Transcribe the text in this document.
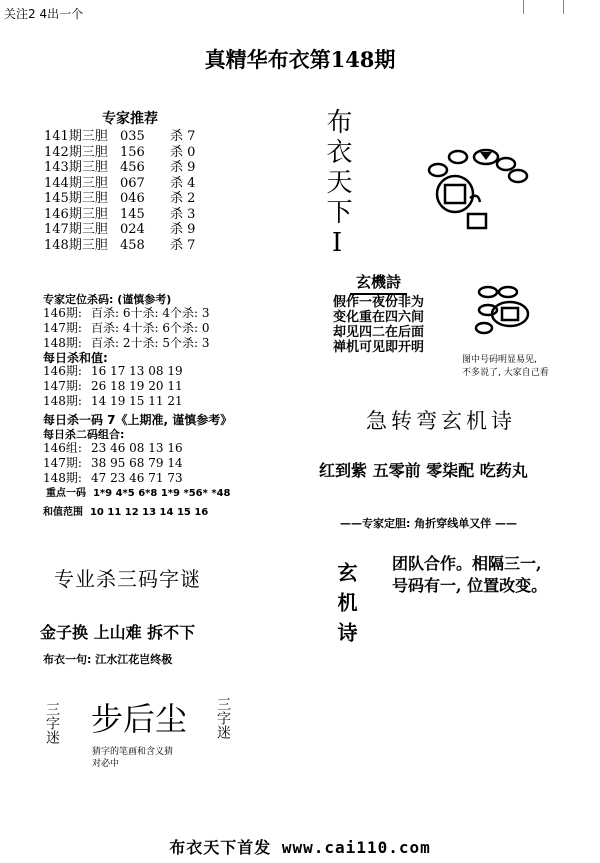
关注2 4出一个
真精华布衣第148期
专家推荐
141期三胆 035	杀 7
142期三胆 156	杀 0
143期三胆 456	杀 9
144期三胆 067	杀 4
145期三胆 046	杀 2
146期三胆 145	杀 3
147期三胆 024	杀 9
148期三胆 458	杀 7
专家定位杀码: (谨慎参考)
146期: 百杀: 6十杀: 4个杀: 3
147期: 百杀: 4十杀: 6个杀: 0
148期: 百杀: 2十杀: 5个杀: 3
每日杀和值:
146期: 16 17 13 08 19
147期: 26 18 19 20 11
148期: 14 19 15 11 21
每日杀一码 7《上期准, 谨慎参考》
每日杀二码组合:
146组: 23 46 08 13 16
147期: 38 95 68 79 14
148期: 47 23 46 71 73
重点一码 1*9 4*5 6*8 1*9 *56* *48
和值范围 10 11 12 13 14 15 16
布衣天下I
玄機詩
假作一夜份非为
变化重在四六间
却见四二在后面
禅机可见即开明
图中号码明显易见,
不多说了, 大家自己看
急转弯玄机诗
红到紫 五零前 零柒配 吃药丸
——专家定胆: 角折穿线单又伴 ——
玄机诗 团队合作。相隔三一,
号码有一, 位置改变。
专业杀三码字谜
金子换 上山难 拆不下
布衣一句: 江水江花岂终极
三字迷 步后尘 三字迷
猜字的笔画和含义猜
对必中
布衣天下首发 www.cai110.com
